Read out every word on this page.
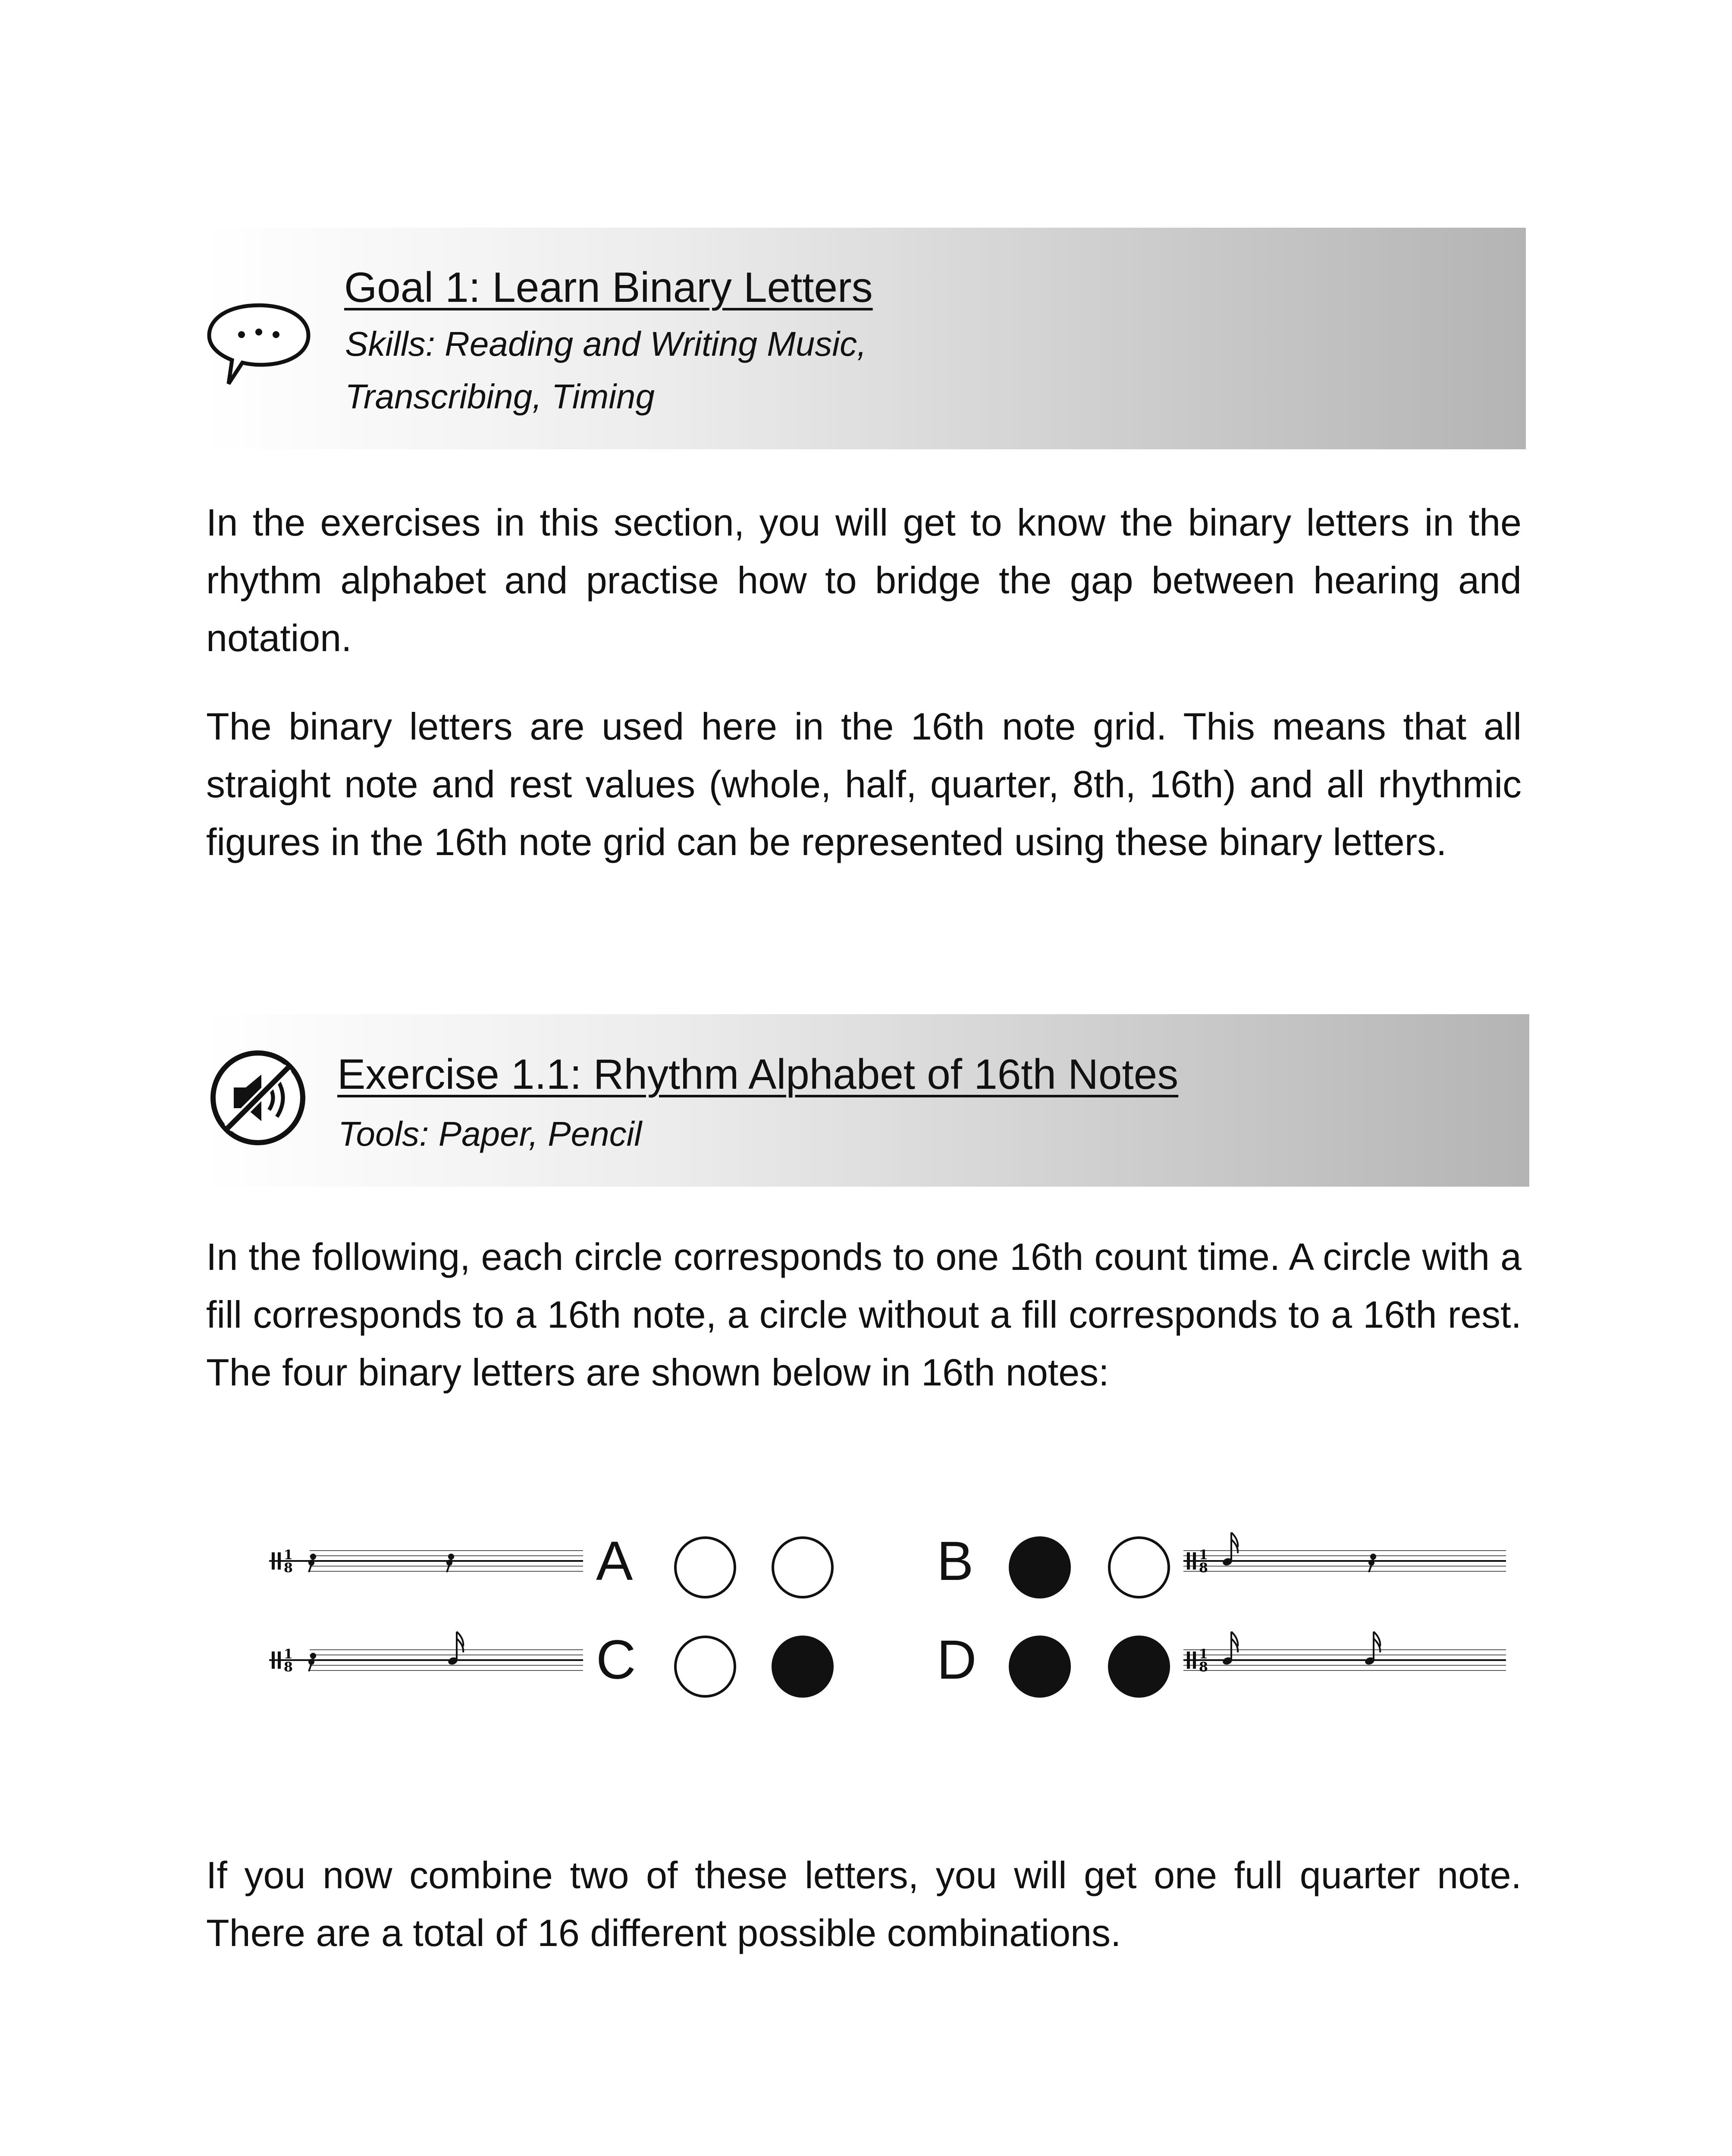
Goal 1: Learn Binary Letters
Skills: Reading and Writing Music,
Transcribing, Timing

In the exercises in this section, you will get to know the binary letters in the rhythm alphabet and practise how to bridge the gap between hearing and notation.

The binary letters are used here in the 16th note grid. This means that all straight note and rest values (whole, half, quarter, 8th, 16th) and all rhythmic figures in the 16th note grid can be represented using these binary letters.

Exercise 1.1: Rhythm Alphabet of 16th Notes
Tools: Paper, Pencil

In the following, each circle corresponds to one 16th count time. A circle with a fill corresponds to a 16th note, a circle without a fill corresponds to a 16th rest. The four binary letters are shown below in 16th notes:

1
8
1
8
1
8
1
8
A	B
C	D

If you now combine two of these letters, you will get one full quarter note. There are a total of 16 different possible combinations.
